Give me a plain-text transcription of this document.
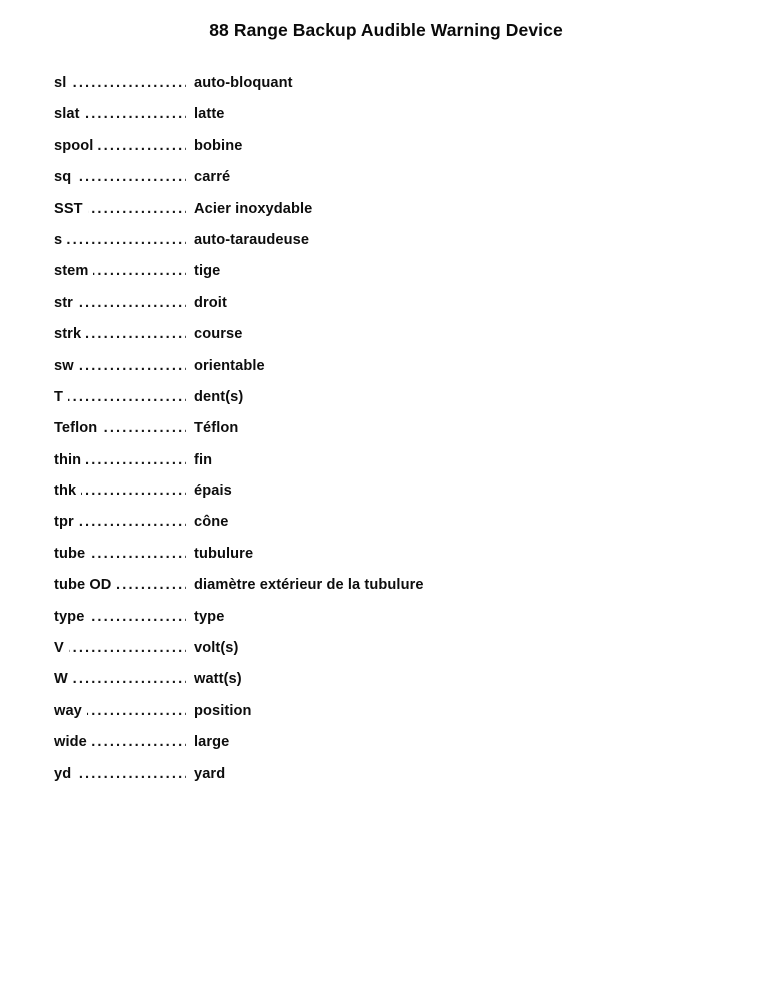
88 Range Backup Audible Warning Device
.....
sl	auto-bloquant
.....
slat	latte
.....
spool	bobine
.....
sq	carré
.....
SST	Acier inoxydable
.....
s	auto-taraudeuse
.....
stem	tige
.....
str	droit
.....
strk	course
.....
sw	orientable
.....
T	dent(s)
.....
Teflon	Téflon
.....
thin	fin
.....
thk	épais
.....
tpr	cône
.....
tube	tubulure
.....
tube OD	diamètre extérieur de la tubulure
.....
type	type
.....
V	volt(s)
.....
W	watt(s)
.....
way	position
.....
wide	large
.....
yd	yard
